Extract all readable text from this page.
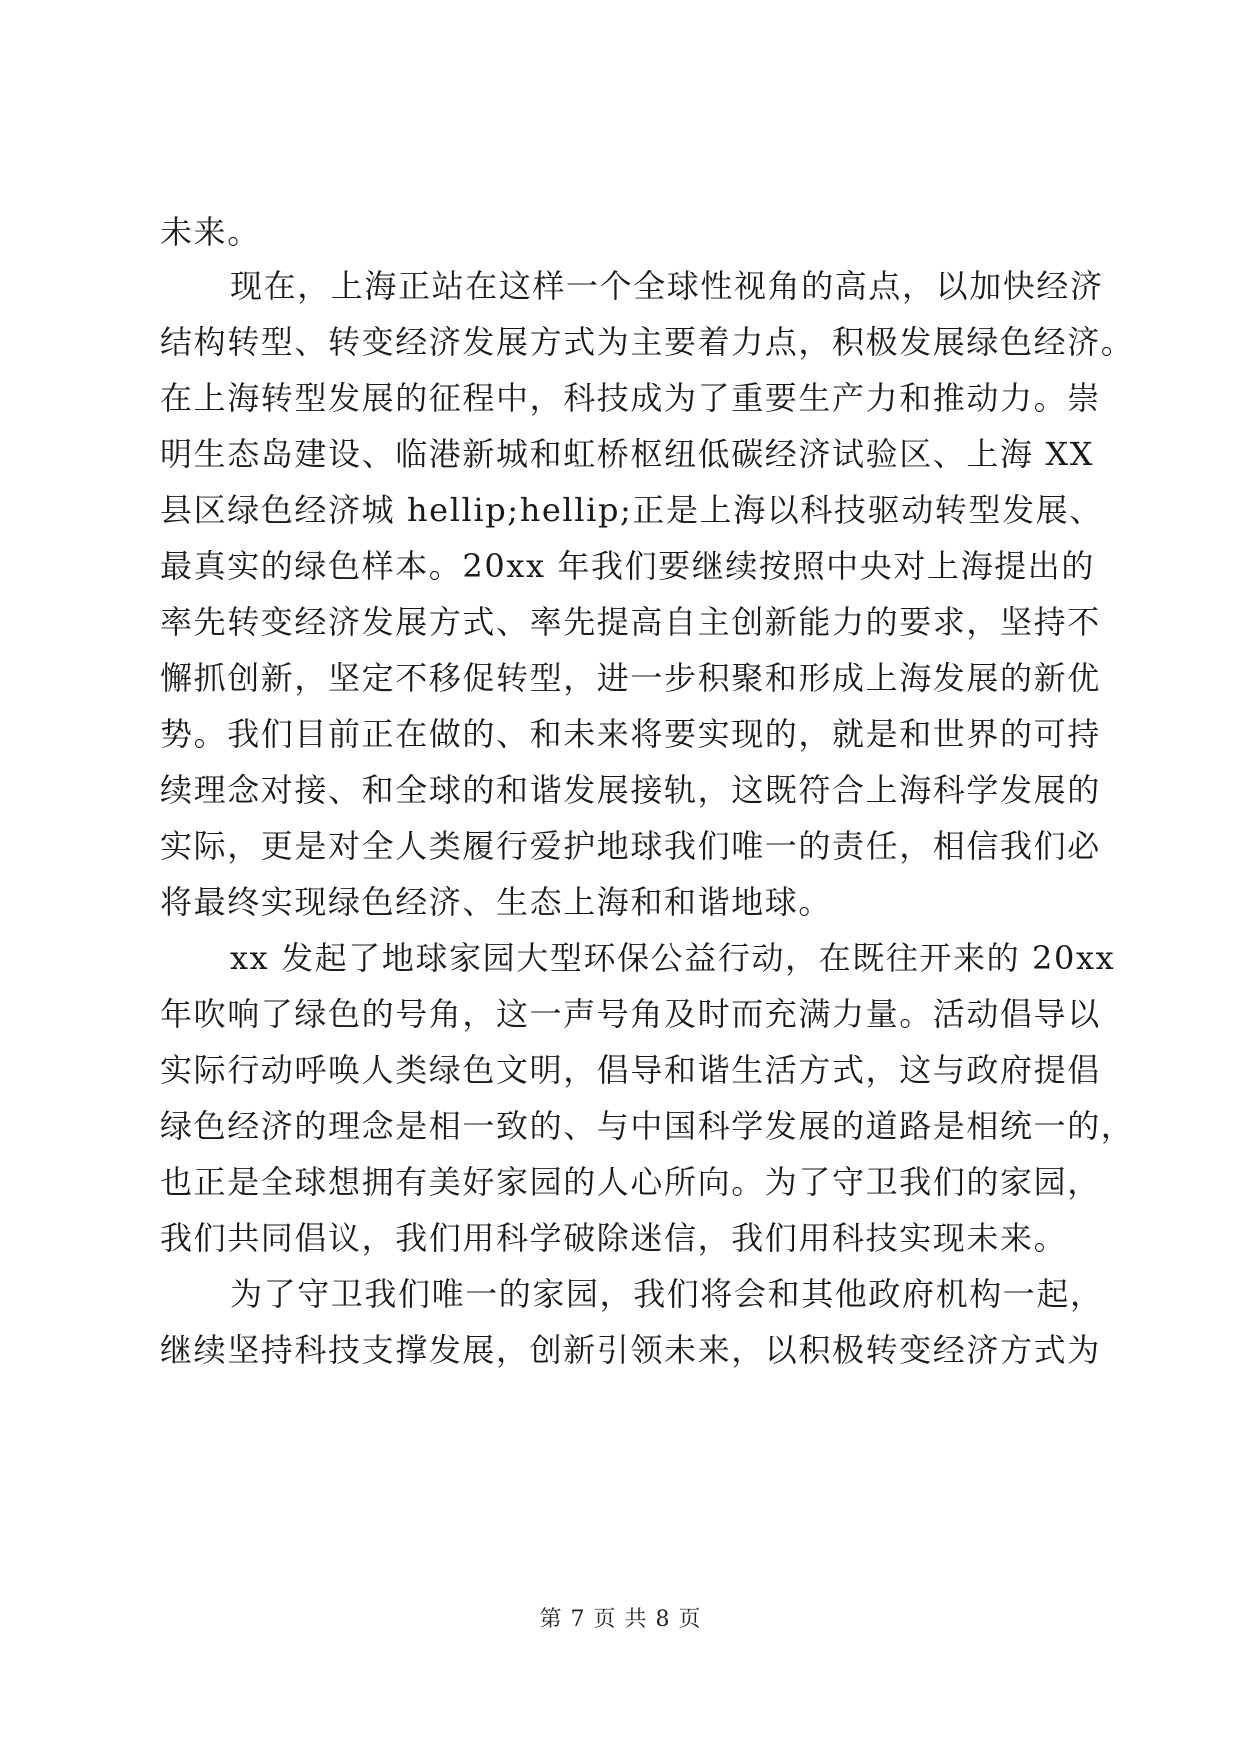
未来。
现在，上海正站在这样一个全球性视角的高点，以加快经济
结构转型、转变经济发展方式为主要着力点，积极发展绿色经济。
在上海转型发展的征程中，科技成为了重要生产力和推动力。崇
明生态岛建设、临港新城和虹桥枢纽低碳经济试验区、上海 XX
县区绿色经济城 hellip;hellip;正是上海以科技驱动转型发展、
最真实的绿色样本。20xx 年我们要继续按照中央对上海提出的
率先转变经济发展方式、率先提高自主创新能力的要求，坚持不
懈抓创新，坚定不移促转型，进一步积聚和形成上海发展的新优
势。我们目前正在做的、和未来将要实现的，就是和世界的可持
续理念对接、和全球的和谐发展接轨，这既符合上海科学发展的
实际，更是对全人类履行爱护地球我们唯一的责任，相信我们必
将最终实现绿色经济、生态上海和和谐地球。
xx 发起了地球家园大型环保公益行动，在既往开来的 20xx
年吹响了绿色的号角，这一声号角及时而充满力量。活动倡导以
实际行动呼唤人类绿色文明，倡导和谐生活方式，这与政府提倡
绿色经济的理念是相一致的、与中国科学发展的道路是相统一的，
也正是全球想拥有美好家园的人心所向。为了守卫我们的家园，
我们共同倡议，我们用科学破除迷信，我们用科技实现未来。
为了守卫我们唯一的家园，我们将会和其他政府机构一起，
继续坚持科技支撑发展，创新引领未来，以积极转变经济方式为
第 7 页 共 8 页
